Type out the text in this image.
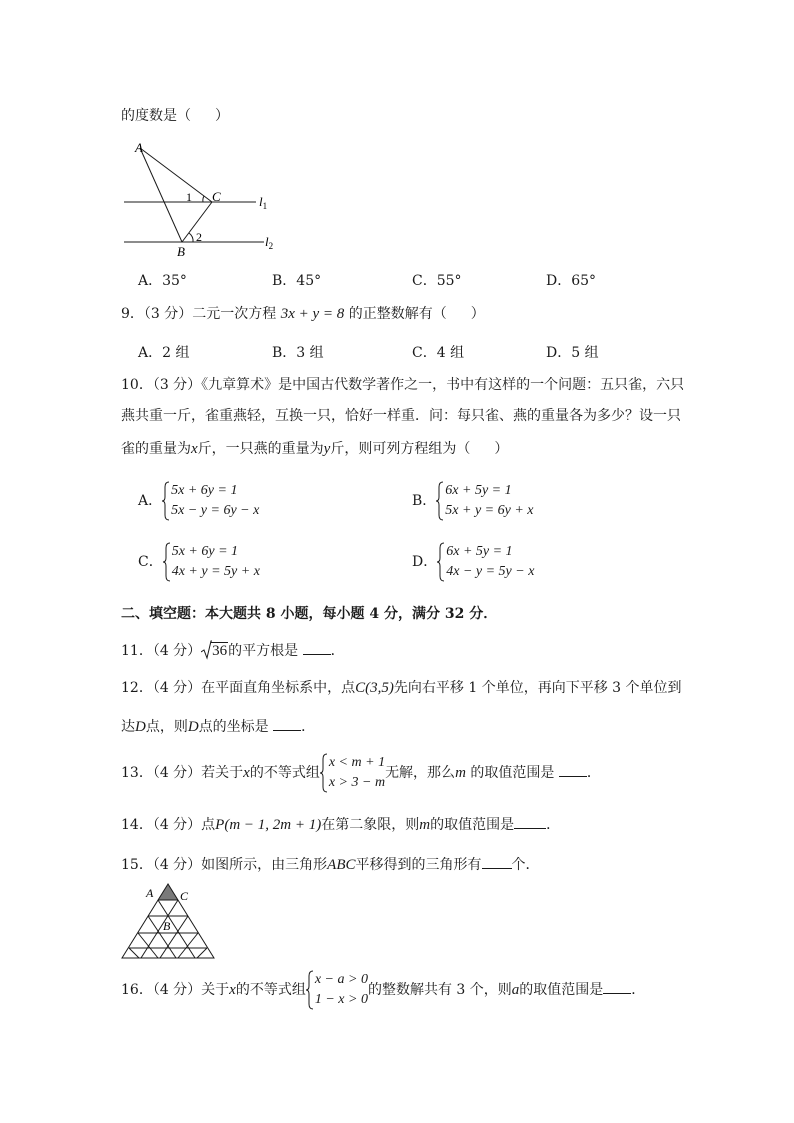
的度数是（ ）
A
C
B
1
2
$l_1$
$l_2$
A．35°	B．45°	C．55°	D．65°
9．（3 分）二元一次方程 3x + y = 8 的正整数解有（ ）
A．2 组	B．3 组	C．4 组	D．5 组
10．（3 分）《九章算术》是中国古代数学著作之一，书中有这样的一个问题：五只雀，六只
燕共重一斤，雀重燕轻，互换一只，恰好一样重．问：每只雀、燕的重量各为多少？设一只
雀的重量为x斤，一只燕的重量为y斤，则可列方程组为（ ）
A．
5x + 6y = 1
5x − y = 6y − x
B．
6x + 5y = 1
5x + y = 6y + x
C．
5x + 6y = 1
4x + y = 5y + x
D．
6x + 5y = 1
4x − y = 5y − x
二、填空题：本大题共 8 小题，每小题 4 分，满分 32 分．
11．（4 分） 36的平方根是 ．
12．（4 分）在平面直角坐标系中，点C(3,5)先向右平移 1 个单位，再向下平移 3 个单位到
达D点，则D点的坐标是 ．
13．（4 分）若关于x的不等式组
x < m + 1
x > 3 − m
无解，那么m 的取值范围是 ．
14．（4 分）点P(m − 1, 2m + 1)在第二象限，则m的取值范围是 ．
15．（4 分）如图所示，由三角形ABC平移得到的三角形有 个．
A C
B
16．（4 分）关于x的不等式组
x − a > 0
1 − x > 0
的整数解共有 3 个，则a的取值范围是 ．
